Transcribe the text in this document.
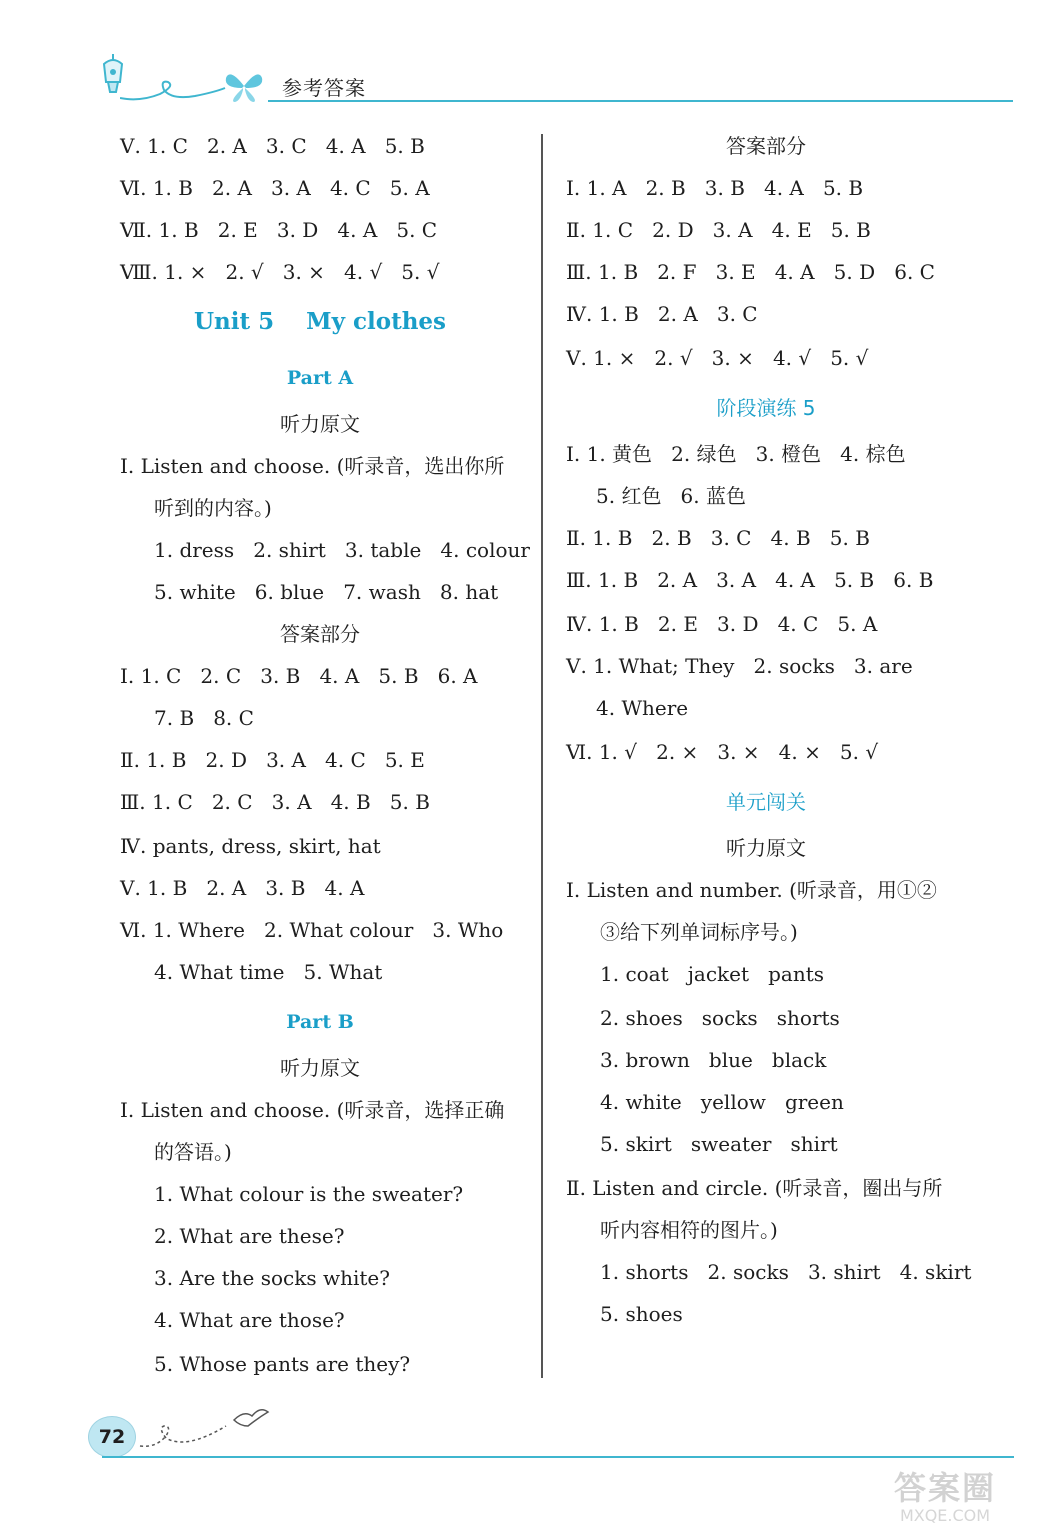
参考答案
Ⅴ. 1. C   2. A   3. C   4. A   5. B
Ⅵ. 1. B   2. A   3. A   4. C   5. A
Ⅶ. 1. B   2. E   3. D   4. A   5. C
Ⅷ. 1. ×   2. √   3. ×   4. √   5. √
Unit 5    My clothes
Part A
听力原文
Ⅰ. Listen and choose. (听录音，选出你所
听到的内容。)
1. dress   2. shirt   3. table   4. colour
5. white   6. blue   7. wash   8. hat
答案部分
Ⅰ. 1. C   2. C   3. B   4. A   5. B   6. A
7. B   8. C
Ⅱ. 1. B   2. D   3. A   4. C   5. E
Ⅲ. 1. C   2. C   3. A   4. B   5. B
Ⅳ. pants, dress, skirt, hat
Ⅴ. 1. B   2. A   3. B   4. A
Ⅵ. 1. Where   2. What colour   3. Who
4. What time   5. What
Part B
听力原文
Ⅰ. Listen and choose. (听录音，选择正确
的答语。)
1. What colour is the sweater?
2. What are these?
3. Are the socks white?
4. What are those?
5. Whose pants are they?
答案部分
Ⅰ. 1. A   2. B   3. B   4. A   5. B
Ⅱ. 1. C   2. D   3. A   4. E   5. B
Ⅲ. 1. B   2. F   3. E   4. A   5. D   6. C
Ⅳ. 1. B   2. A   3. C
Ⅴ. 1. ×   2. √   3. ×   4. √   5. √
阶段演练 5
Ⅰ. 1. 黄色   2. 绿色   3. 橙色   4. 棕色
5. 红色   6. 蓝色
Ⅱ. 1. B   2. B   3. C   4. B   5. B
Ⅲ. 1. B   2. A   3. A   4. A   5. B   6. B
Ⅳ. 1. B   2. E   3. D   4. C   5. A
Ⅴ. 1. What; They   2. socks   3. are
4. Where
Ⅵ. 1. √   2. ×   3. ×   4. ×   5. √
单元闯关
听力原文
Ⅰ. Listen and number. (听录音，用①②
③给下列单词标序号。)
1. coat   jacket   pants
2. shoes   socks   shorts
3. brown   blue   black
4. white   yellow   green
5. skirt   sweater   shirt
Ⅱ. Listen and circle. (听录音，圈出与所
听内容相符的图片。)
1. shorts   2. socks   3. shirt   4. skirt
5. shoes
72
答案圈
MXQE.COM
